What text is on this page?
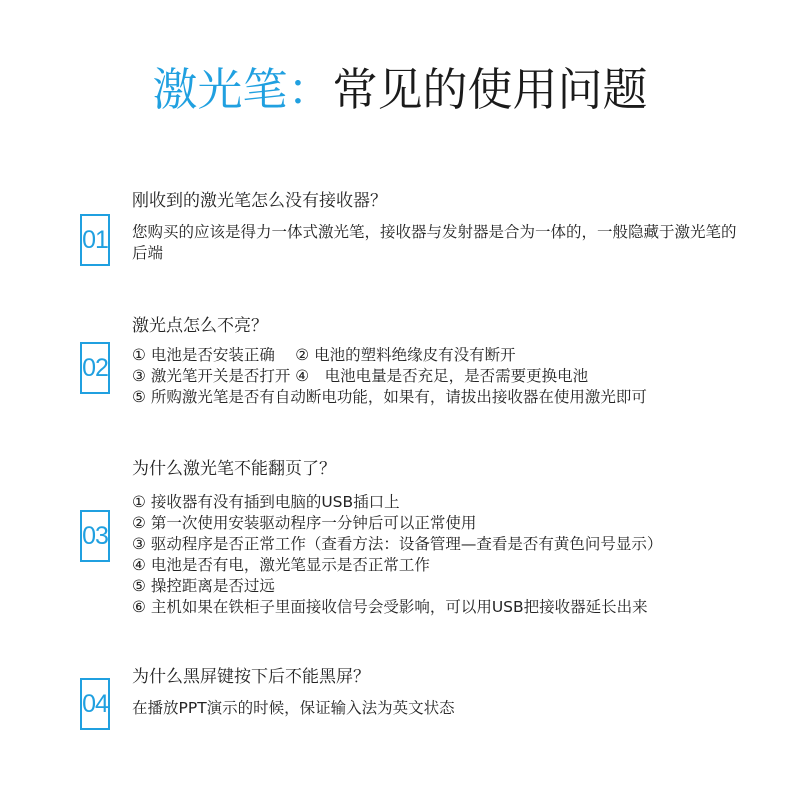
激光笔：常见的使用问题
01
刚收到的激光笔怎么没有接收器？
您购买的应该是得力一体式激光笔，接收器与发射器是合为一体的，一般隐藏于激光笔的后端
02
激光点怎么不亮？
① 电池是否安装正确　 ② 电池的塑料绝缘皮有没有断开
③ 激光笔开关是否打开 ④　电池电量是否充足，是否需要更换电池
⑤ 所购激光笔是否有自动断电功能，如果有，请拔出接收器在使用激光即可
03
为什么激光笔不能翻页了？
① 接收器有没有插到电脑的USB插口上
② 第一次使用安装驱动程序一分钟后可以正常使用
③ 驱动程序是否正常工作（查看方法：设备管理—查看是否有黄色问号显示）
④ 电池是否有电，激光笔显示是否正常工作
⑤ 操控距离是否过远
⑥ 主机如果在铁柜子里面接收信号会受影响，可以用USB把接收器延长出来
04
为什么黑屏键按下后不能黑屏？
在播放PPT演示的时候，保证输入法为英文状态
